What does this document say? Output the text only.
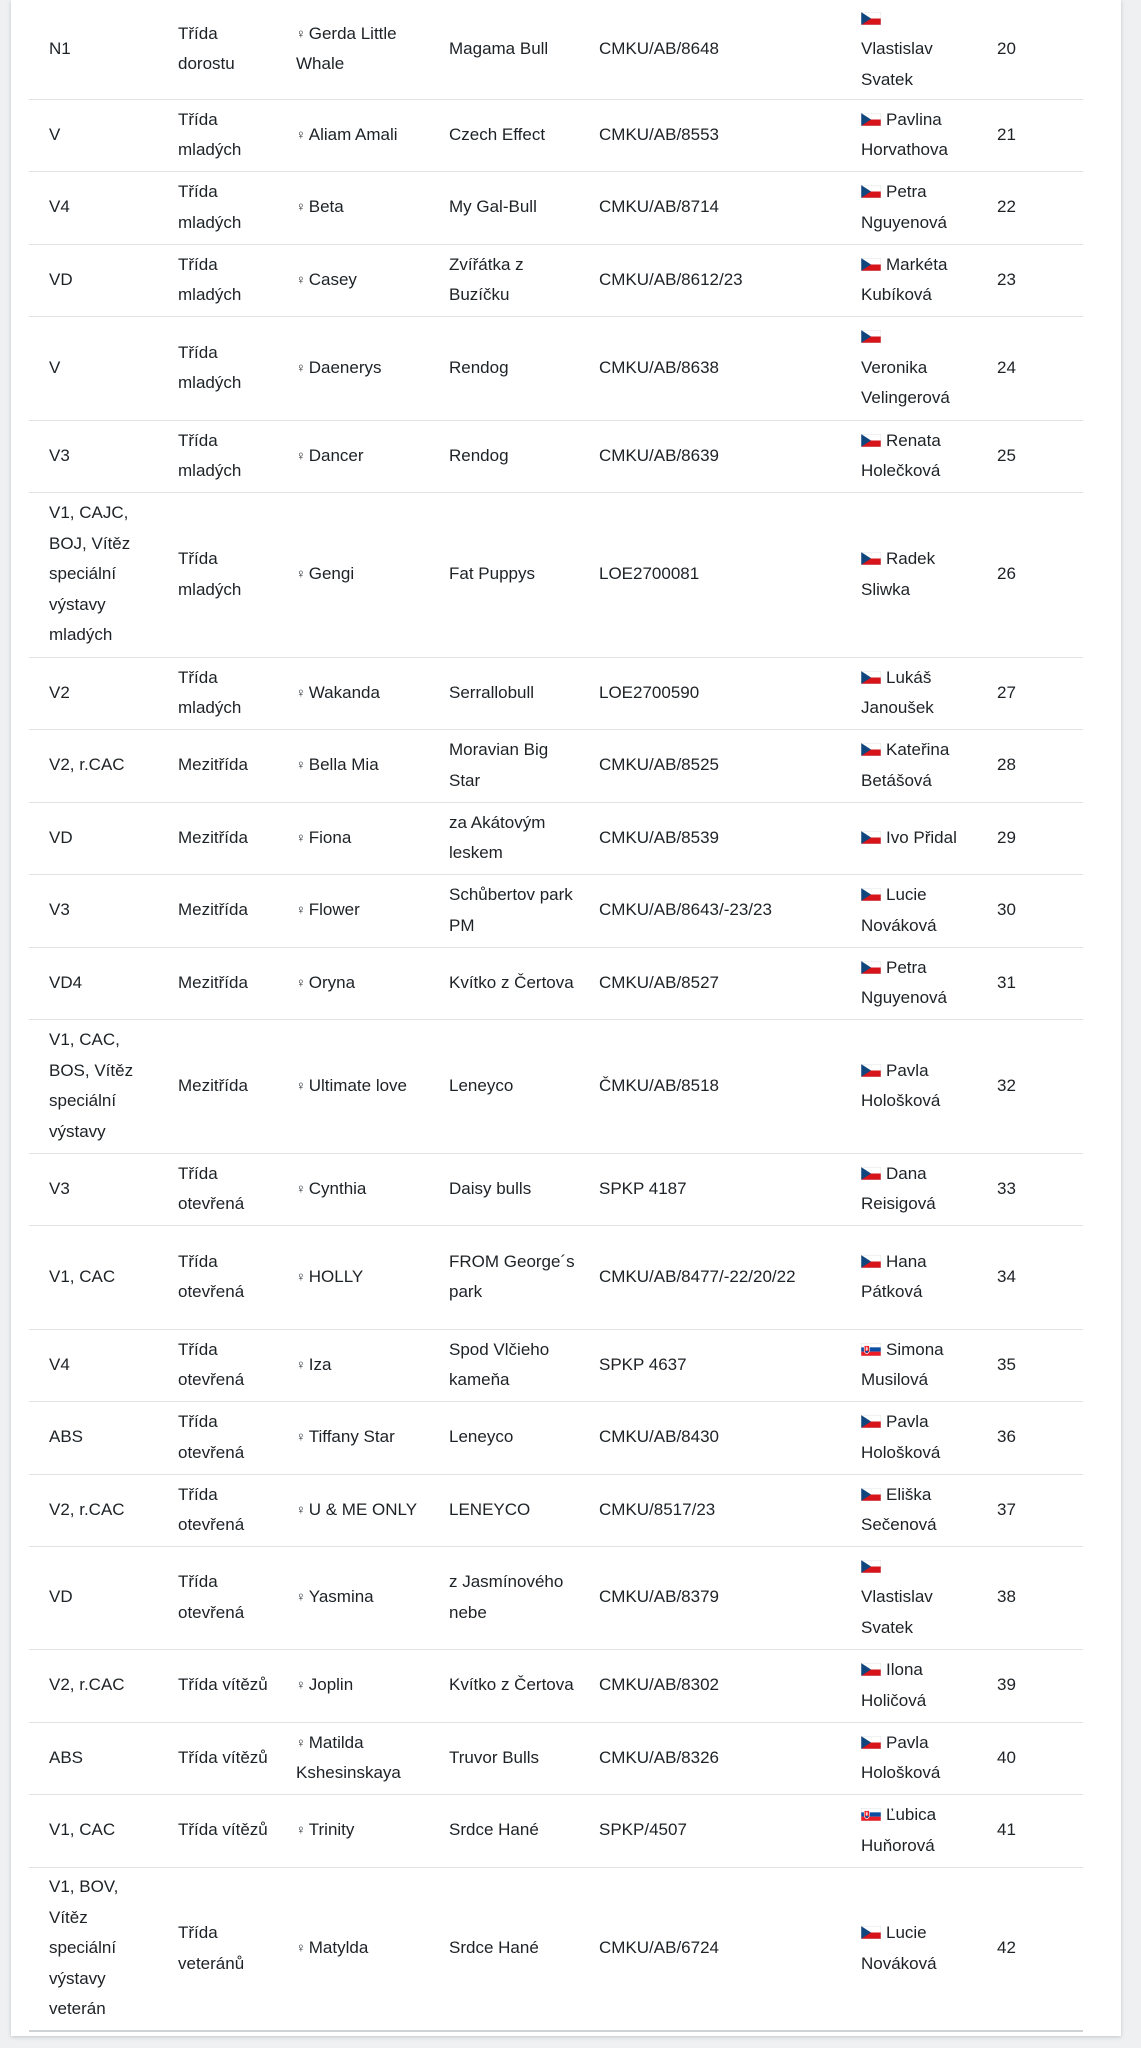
N1	Třída dorostu	♀ Gerda Little Whale	Magama Bull	CMKU/AB/8648	Vlastislav Svatek	20
V	Třída mladých	♀ Aliam Amali	Czech Effect	CMKU/AB/8553	Pavlina Horvathova	21
V4	Třída mladých	♀ Beta	My Gal-Bull	CMKU/AB/8714	Petra Nguyenová	22
VD	Třída mladých	♀ Casey	Zvířátka z Buzíčku	CMKU/AB/8612/23	Markéta Kubíková	23
V	Třída mladých	♀ Daenerys	Rendog	CMKU/AB/8638	Veronika Velingerová	24
V3	Třída mladých	♀ Dancer	Rendog	CMKU/AB/8639	Renata Holečková	25
V1, CAJC, BOJ, Vítěz speciální výstavy mladých	Třída mladých	♀ Gengi	Fat Puppys	LOE2700081	Radek Sliwka	26
V2	Třída mladých	♀ Wakanda	Serrallobull	LOE2700590	Lukáš Janoušek	27
V2, r.CAC	Mezitřída	♀ Bella Mia	Moravian Big Star	CMKU/AB/8525	Kateřina Betášová	28
VD	Mezitřída	♀ Fiona	za Akátovým leskem	CMKU/AB/8539	Ivo Přidal	29
V3	Mezitřída	♀ Flower	Schůbertov park PM	CMKU/AB/8643/-23/23	Lucie Nováková	30
VD4	Mezitřída	♀ Oryna	Kvítko z Čertova	CMKU/AB/8527	Petra Nguyenová	31
V1, CAC, BOS, Vítěz speciální výstavy	Mezitřída	♀ Ultimate love	Leneyco	ČMKU/AB/8518	Pavla Hološková	32
V3	Třída otevřená	♀ Cynthia	Daisy bulls	SPKP 4187	Dana Reisigová	33
V1, CAC	Třída otevřená	♀ HOLLY	FROM George´s park	CMKU/AB/8477/-22/20/22	Hana Pátková	34
V4	Třída otevřená	♀ Iza	Spod Vlčieho kameňa	SPKP 4637	Simona Musilová	35
ABS	Třída otevřená	♀ Tiffany Star	Leneyco	CMKU/AB/8430	Pavla Hološková	36
V2, r.CAC	Třída otevřená	♀ U & ME ONLY	LENEYCO	CMKU/8517/23	Eliška Sečenová	37
VD	Třída otevřená	♀ Yasmina	z Jasmínového nebe	CMKU/AB/8379	Vlastislav Svatek	38
V2, r.CAC	Třída vítězů	♀ Joplin	Kvítko z Čertova	CMKU/AB/8302	Ilona Holičová	39
ABS	Třída vítězů	♀ Matilda Kshesinskaya	Truvor Bulls	CMKU/AB/8326	Pavla Hološková	40
V1, CAC	Třída vítězů	♀ Trinity	Srdce Hané	SPKP/4507	Ľubica Huňorová	41
V1, BOV, Vítěz speciální výstavy veterán	Třída veteránů	♀ Matylda	Srdce Hané	CMKU/AB/6724	Lucie Nováková	42
